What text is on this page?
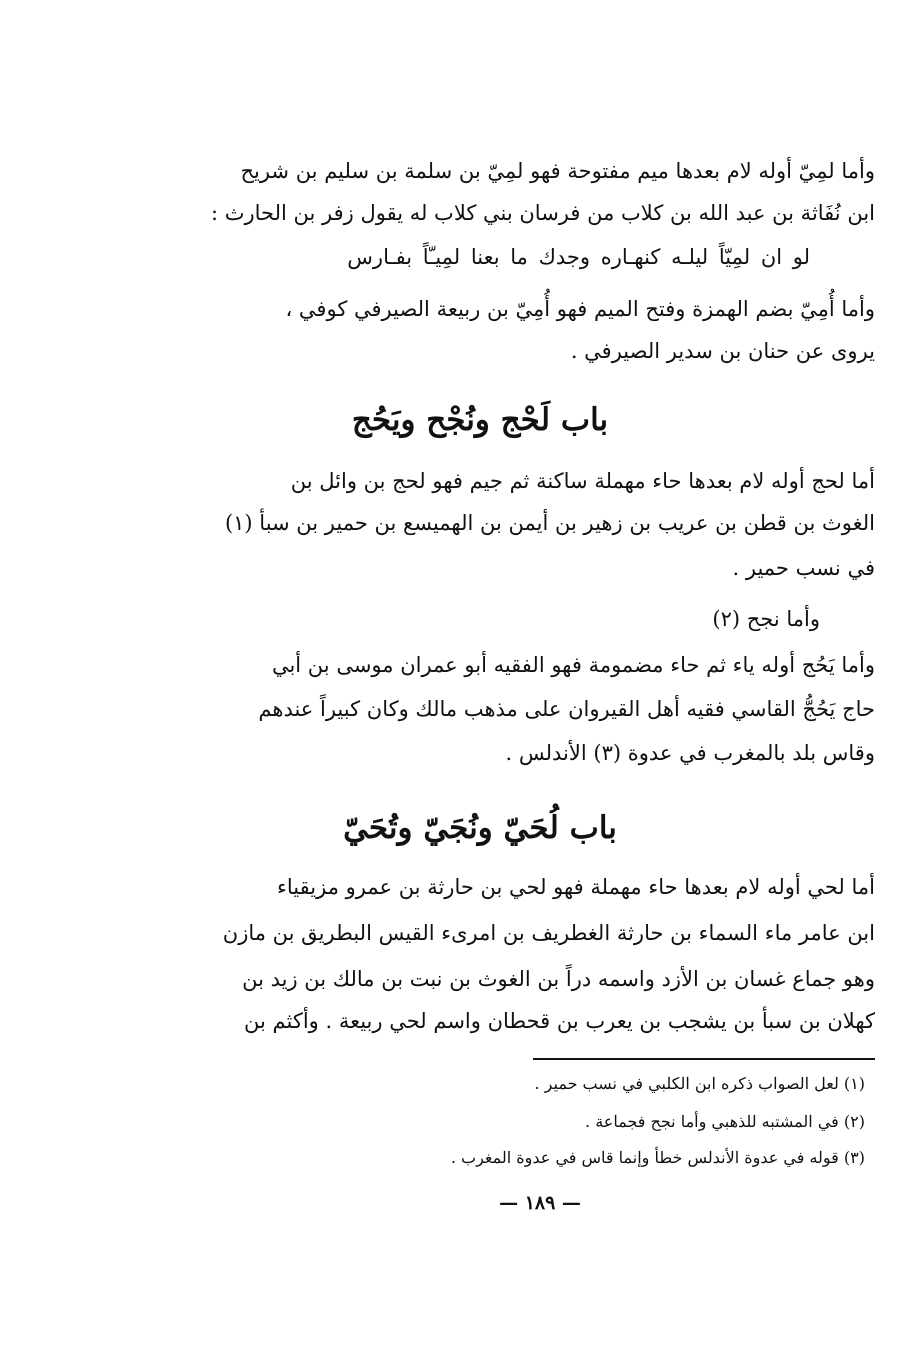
وأما لمِيّ أوله لام بعدها ميم مفتوحة فهو لمِيّ بن سلمة بن سليم بن شريح
ابن نُفَاثة بن عبد الله بن كلاب من فرسان بني كلاب له يقول زفر بن الحارث :
لو ان لمِيّاً ليلـه كنهـاره وجدك ما بعنا لمِيـّاً بفـارس
وأما أُمِيّ بضم الهمزة وفتح الميم فهو أُمِيّ بن ربيعة الصيرفي كوفي ،
يروى عن حنان بن سدير الصيرفي .
باب لَحْج ونُجْح ويَحُج
أما لحج أوله لام بعدها حاء مهملة ساكنة ثم جيم فهو لحج بن وائل بن
الغوث بن قطن بن عريب بن زهير بن أيمن بن الهميسع بن حمير بن سبأ (١)
في نسب حمير .
وأما نجح (٢)
وأما يَحُج أوله ياء ثم حاء مضمومة فهو الفقيه أبو عمران موسى بن أبي
حاج يَحُجُّ القاسي فقيه أهل القيروان على مذهب مالك وكان كبيراً عندهم
وقاس بلد بالمغرب في عدوة (٣) الأندلس .
باب لُحَيّ ونُجَيّ وتُحَيّ
أما لحي أوله لام بعدها حاء مهملة فهو لحي بن حارثة بن عمرو مزيقياء
ابن عامر ماء السماء بن حارثة الغطريف بن امرىء القيس البطريق بن مازن
وهو جماع غسان بن الأزد واسمه دراً بن الغوث بن نبت بن مالك بن زيد بن
كهلان بن سبأ بن يشجب بن يعرب بن قحطان واسم لحي ربيعة . وأكثم بن
(١) لعل الصواب ذكره ابن الكلبي في نسب حمير .
(٢) في المشتبه للذهبي وأما نجح فجماعة .
(٣) قوله في عدوة الأندلس خطأ وإنما قاس في عدوة المغرب .
— ١٨٩ —
